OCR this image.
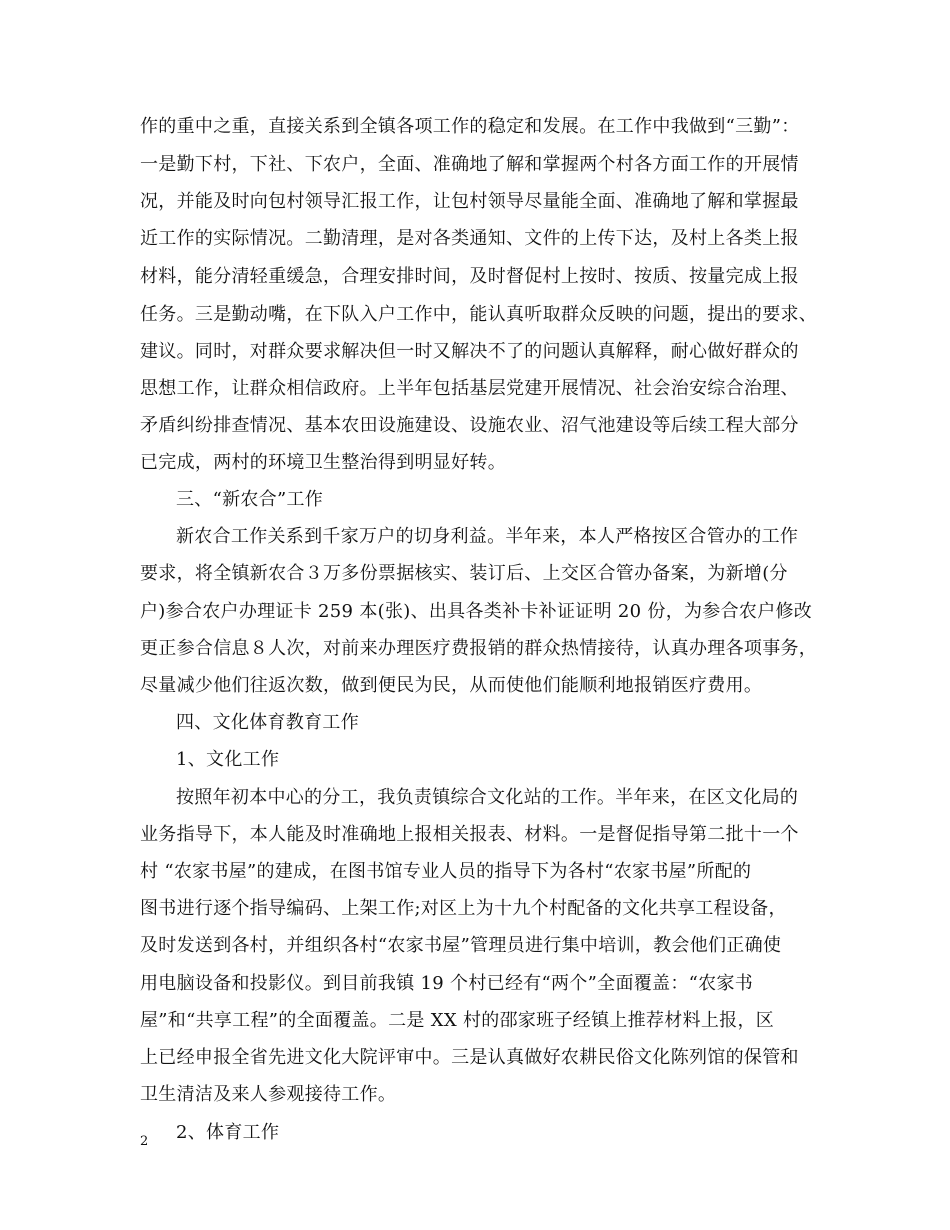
作的重中之重，直接关系到全镇各项工作的稳定和发展。在工作中我做到“三勤”：
一是勤下村，下社、下农户，全面、准确地了解和掌握两个村各方面工作的开展情
况，并能及时向包村领导汇报工作，让包村领导尽量能全面、准确地了解和掌握最
近工作的实际情况。二勤清理，是对各类通知、文件的上传下达，及村上各类上报
材料，能分清轻重缓急，合理安排时间，及时督促村上按时、按质、按量完成上报
任务。三是勤动嘴，在下队入户工作中，能认真听取群众反映的问题，提出的要求、
建议。同时，对群众要求解决但一时又解决不了的问题认真解释，耐心做好群众的
思想工作，让群众相信政府。上半年包括基层党建开展情况、社会治安综合治理、
矛盾纠纷排查情况、基本农田设施建设、设施农业、沼气池建设等后续工程大部分
已完成，两村的环境卫生整治得到明显好转。
三、“新农合”工作
新农合工作关系到千家万户的切身利益。半年来，本人严格按区合管办的工作
要求，将全镇新农合３万多份票据核实、装订后、上交区合管办备案，为新增(分
户)参合农户办理证卡 259 本(张)、出具各类补卡补证证明 20 份，为参合农户修改
更正参合信息８人次，对前来办理医疗费报销的群众热情接待，认真办理各项事务，
尽量减少他们往返次数，做到便民为民，从而使他们能顺利地报销医疗费用。
四、文化体育教育工作
1、文化工作
按照年初本中心的分工，我负责镇综合文化站的工作。半年来，在区文化局的
业务指导下，本人能及时准确地上报相关报表、材料。一是督促指导第二批十一个
村 “农家书屋”的建成，在图书馆专业人员的指导下为各村“农家书屋”所配的
图书进行逐个指导编码、上架工作;对区上为十九个村配备的文化共享工程设备，
及时发送到各村，并组织各村“农家书屋”管理员进行集中培训，教会他们正确使
用电脑设备和投影仪。到目前我镇 19 个村已经有“两个”全面覆盖：“农家书
屋”和“共享工程”的全面覆盖。二是 XX 村的邵家班子经镇上推荐材料上报，区
上已经申报全省先进文化大院评审中。三是认真做好农耕民俗文化陈列馆的保管和
卫生清洁及来人参观接待工作。
2、体育工作
2
